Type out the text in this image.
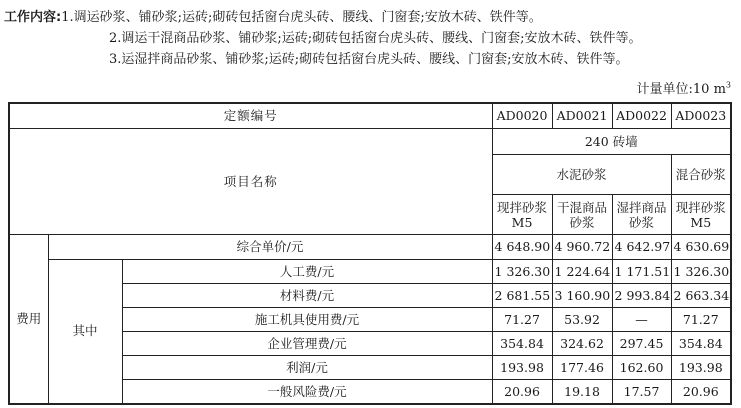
工作内容:1.调运砂浆、铺砂浆;运砖;砌砖包括窗台虎头砖、腰线、门窗套;安放木砖、铁件等。
2.调运干混商品砂浆、铺砂浆;运砖;砌砖包括窗台虎头砖、腰线、门窗套;安放木砖、铁件等。
3.运湿拌商品砂浆、铺砂浆;运砖;砌砖包括窗台虎头砖、腰线、门窗套;安放木砖、铁件等。
计量单位:10 $m^3$
定额编号			AD0020	AD0021	AD0022	AD0023
项目名称			240 砖墙			
			水泥砂浆			混合砂浆
			现拌砂浆 M5	干混商品砂浆	湿拌商品砂浆	现拌砂浆 M5
费用	综合单价/元		4 648.90	4 960.72	4 642.97	4 630.69
	其中	人工费/元	1 326.30	1 224.64	1 171.51	1 326.30
		材料费/元	2 681.55	3 160.90	2 993.84	2 663.34
		施工机具使用费/元	71.27	53.92	—	71.27
		企业管理费/元	354.84	324.62	297.45	354.84
		利润/元	193.98	177.46	162.60	193.98
		一般风险费/元	20.96	19.18	17.57	20.96
